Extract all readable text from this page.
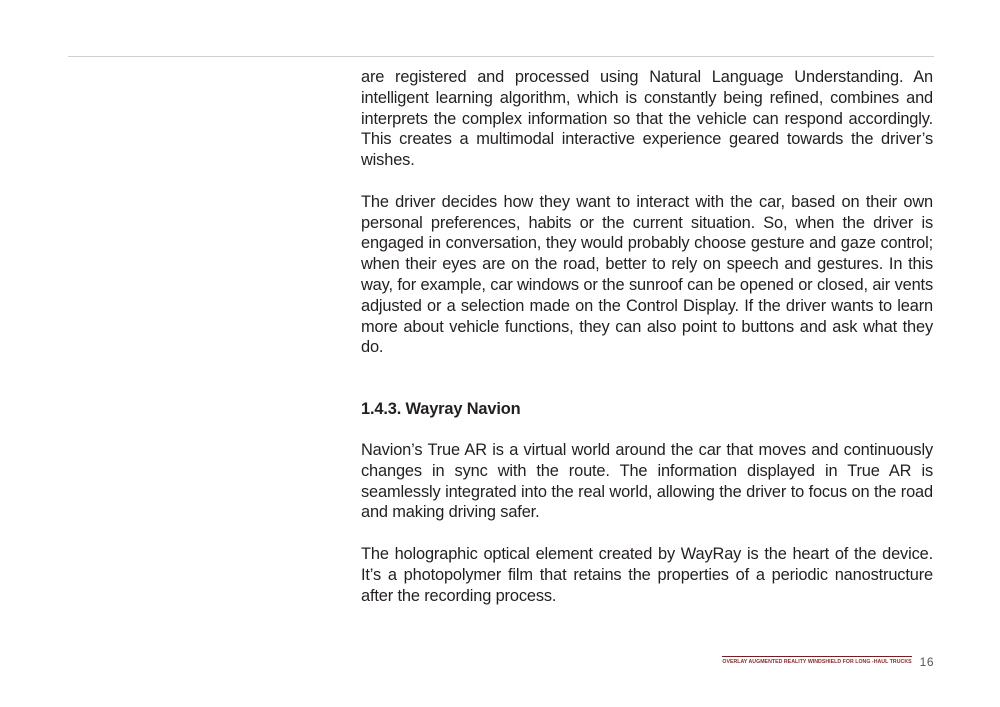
are registered and processed using Natural Language Understanding. An intelligent learning algorithm, which is constantly being refined, combines and interprets the complex information so that the vehicle can respond accordingly. This creates a multimodal interactive experience geared towards the driver’s wishes.

The driver decides how they want to interact with the car, based on their own personal preferences, habits or the current situation. So, when the driver is engaged in conversation, they would probably choose gesture and gaze control; when their eyes are on the road, better to rely on speech and gestures. In this way, for example, car windows or the sunroof can be opened or closed, air vents adjusted or a selection made on the Control Display. If the driver wants to learn more about vehicle functions, they can also point to buttons and ask what they do.

1.4.3. Wayray Navion

Navion’s True AR is a virtual world around the car that moves and continuously changes in sync with the route. The information displayed in True AR is seamlessly integrated into the real world, allowing the driver to focus on the road and making driving safer.

The holographic optical element created by WayRay is the heart of the device. It’s a photopolymer film that retains the properties of a periodic nanostructure after the recording process.

OVERLAY AUGMENTED REALITY WINDSHIELD FOR LONG -HAUL TRUCKS 16
